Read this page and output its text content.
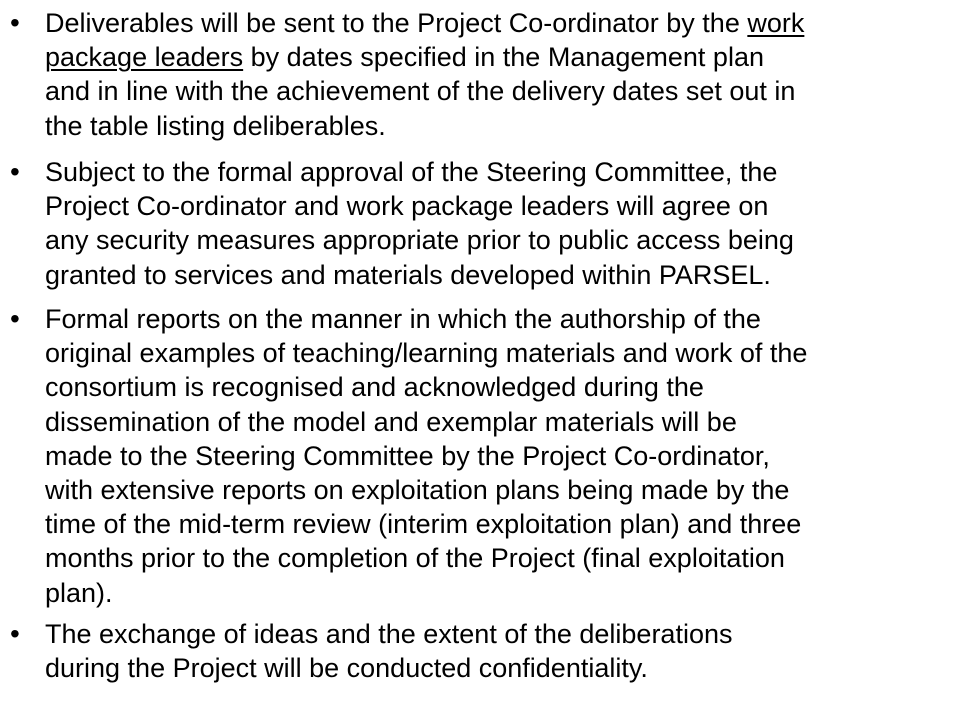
• Deliverables will be sent to the Project Co-ordinator by the work
package leaders by dates specified in the Management plan
and in line with the achievement of the delivery dates set out in
the table listing deliberables.
• Subject to the formal approval of the Steering Committee, the
Project Co-ordinator and work package leaders will agree on
any security measures appropriate prior to public access being
granted to services and materials developed within PARSEL.
• Formal reports on the manner in which the authorship of the
original examples of teaching/learning materials and work of the
consortium is recognised and acknowledged during the
dissemination of the model and exemplar materials will be
made to the Steering Committee by the Project Co-ordinator,
with extensive reports on exploitation plans being made by the
time of the mid-term review (interim exploitation plan) and three
months prior to the completion of the Project (final exploitation
plan).
• The exchange of ideas and the extent of the deliberations
during the Project will be conducted confidentiality.
